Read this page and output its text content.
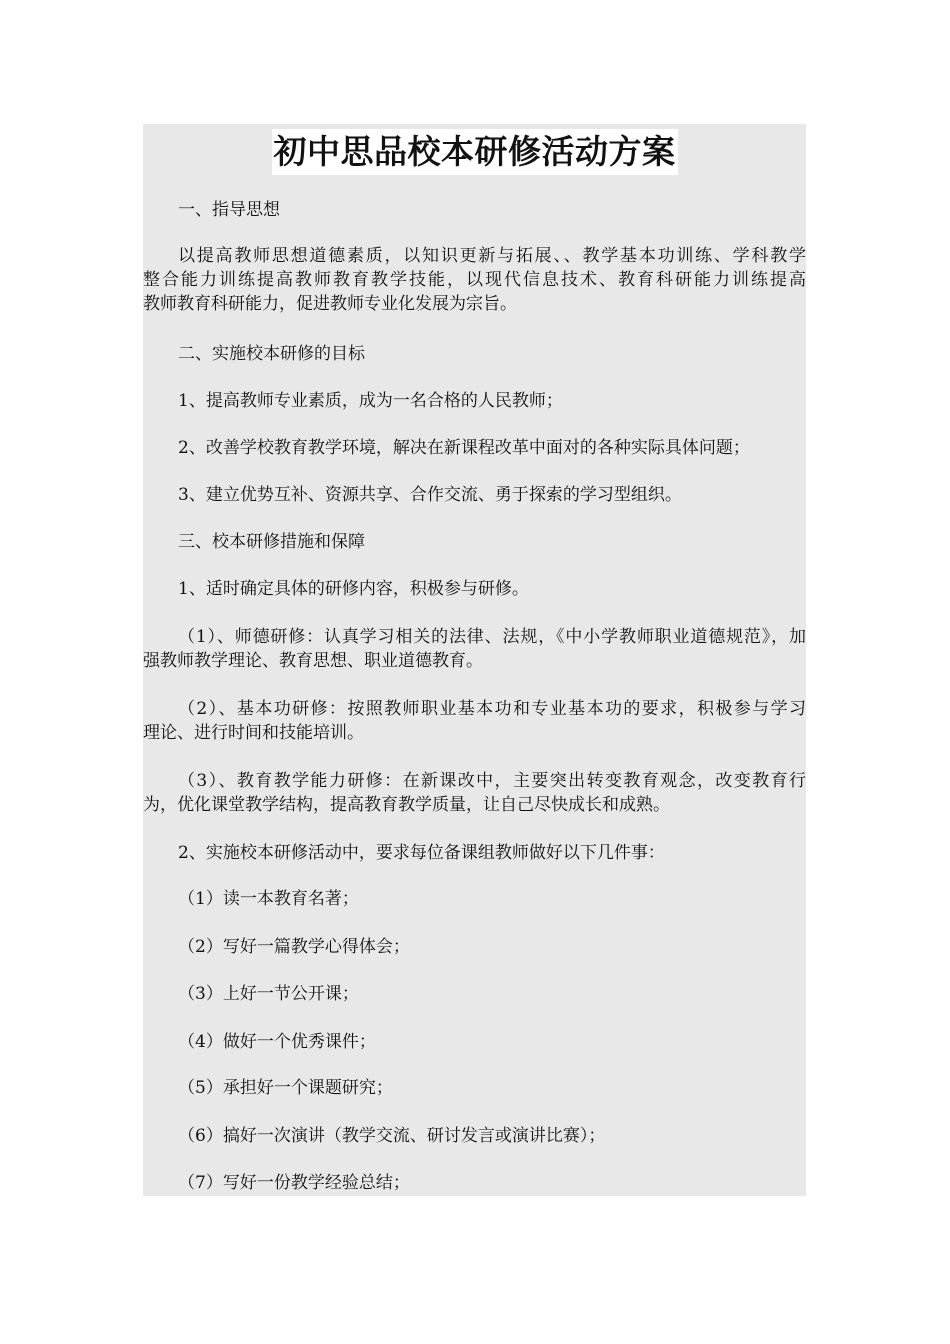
初中思品校本研修活动方案
一、指导思想
以提高教师思想道德素质，以知识更新与拓展、、教学基本功训练、学科教学
整合能力训练提高教师教育教学技能，以现代信息技术、教育科研能力训练提高
教师教育科研能力，促进教师专业化发展为宗旨。
二、实施校本研修的目标
1、提高教师专业素质，成为一名合格的人民教师；
2、改善学校教育教学环境，解决在新课程改革中面对的各种实际具体问题；
3、建立优势互补、资源共享、合作交流、勇于探索的学习型组织。
三、校本研修措施和保障
1、适时确定具体的研修内容，积极参与研修。
（1）、师德研修：认真学习相关的法律、法规，《中小学教师职业道德规范》，加
强教师教学理论、教育思想、职业道德教育。
（2）、基本功研修：按照教师职业基本功和专业基本功的要求，积极参与学习
理论、进行时间和技能培训。
（3）、教育教学能力研修：在新课改中，主要突出转变教育观念，改变教育行
为，优化课堂教学结构，提高教育教学质量，让自己尽快成长和成熟。
2、实施校本研修活动中，要求每位备课组教师做好以下几件事：
（1）读一本教育名著；
（2）写好一篇教学心得体会；
（3）上好一节公开课；
（4）做好一个优秀课件；
（5）承担好一个课题研究；
（6）搞好一次演讲（教学交流、研讨发言或演讲比赛）；
（7）写好一份教学经验总结；
